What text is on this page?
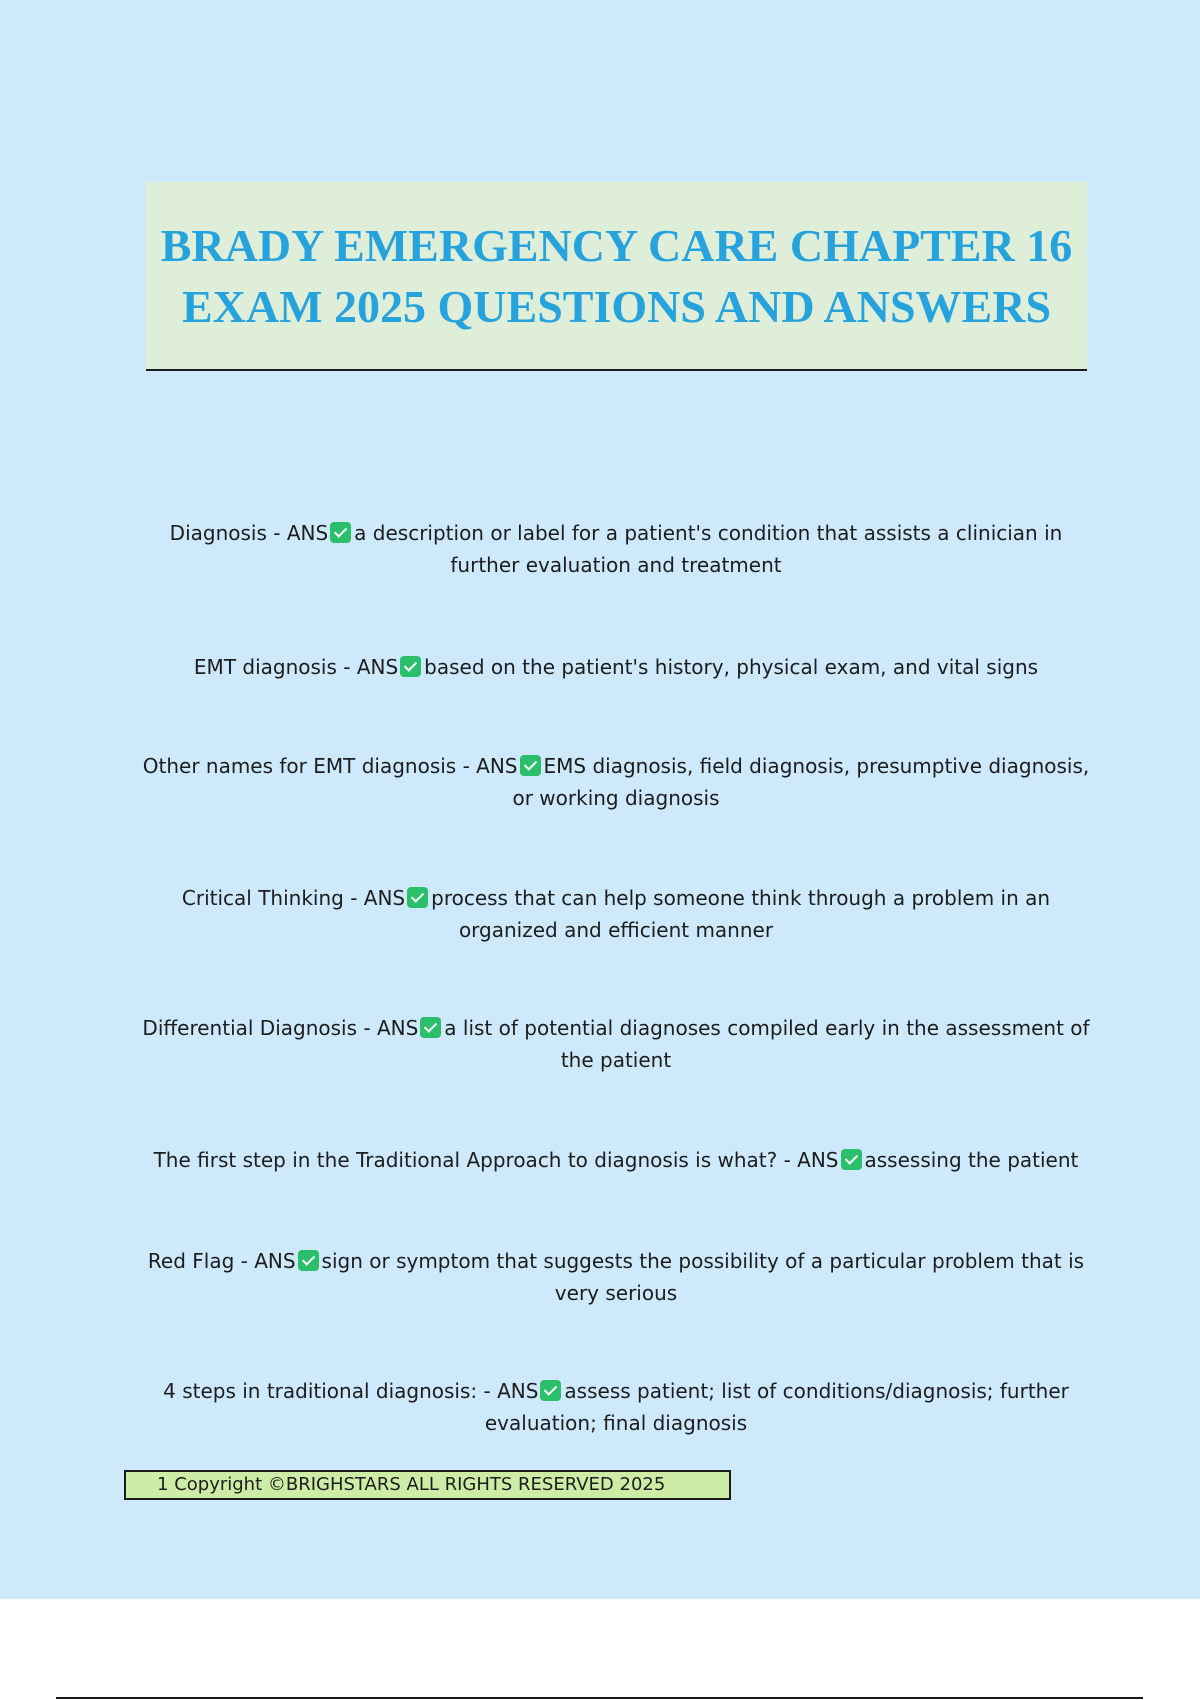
BRADY EMERGENCY CARE CHAPTER 16 EXAM 2025 QUESTIONS AND ANSWERS

Diagnosis - ANS a description or label for a patient's condition that assists a clinician in further evaluation and treatment

EMT diagnosis - ANS based on the patient's history, physical exam, and vital signs

Other names for EMT diagnosis - ANS EMS diagnosis, field diagnosis, presumptive diagnosis, or working diagnosis

Critical Thinking - ANS process that can help someone think through a problem in an organized and efficient manner

Differential Diagnosis - ANS a list of potential diagnoses compiled early in the assessment of the patient

The first step in the Traditional Approach to diagnosis is what? - ANS assessing the patient

Red Flag - ANS sign or symptom that suggests the possibility of a particular problem that is very serious

4 steps in traditional diagnosis: - ANS assess patient; list of conditions/diagnosis; further evaluation; final diagnosis

1 Copyright ©BRIGHSTARS ALL RIGHTS RESERVED 2025
